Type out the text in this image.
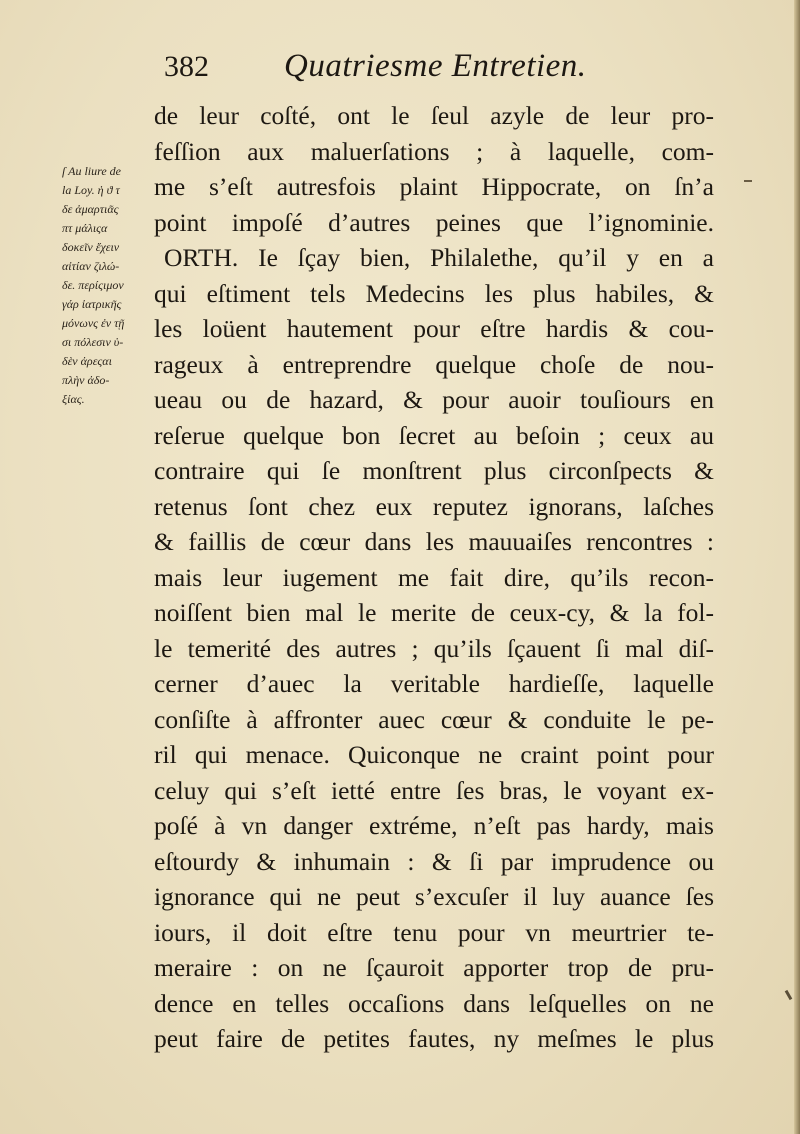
382 Quatriesme Entretien.
ſ Au liure de
la Loy. ἡ ϑ τ
δε ἁμαρτιᾶς
πτ μάλιςα
δοκεῖν ἔχειν
αἰτίαν ζιλώ-
δε. περίςιμον
γάρ ἰατρικῆς
μόνωνς ἐν τῇ
σι πόλεσιν ὑ-
δὲν ἀρεςαι
πλὴν ἀδο-
ξίας.
de leur coſté, ont le ſeul azyle de leur pro-
feſſion aux maluerſations ; à laquelle, com-
me s’eſt autresfois plaint Hippocrate, on ſn’a
point impoſé d’autres peines que l’ignominie.
ORTH. Ie ſçay bien, Philalethe, qu’il y en a
qui eſtiment tels Medecins les plus habiles, &
les loüent hautement pour eſtre hardis & cou-
rageux à entreprendre quelque choſe de nou-
ueau ou de hazard, & pour auoir touſiours en
reſerue quelque bon ſecret au beſoin ; ceux au
contraire qui ſe monſtrent plus circonſpects &
retenus ſont chez eux reputez ignorans, laſches
& faillis de cœur dans les mauuaiſes rencontres :
mais leur iugement me fait dire, qu’ils recon-
noiſſent bien mal le merite de ceux-cy, & la fol-
le temerité des autres ; qu’ils ſçauent ſi mal diſ-
cerner d’auec la veritable hardieſſe, laquelle
conſiſte à affronter auec cœur & conduite le pe-
ril qui menace. Quiconque ne craint point pour
celuy qui s’eſt ietté entre ſes bras, le voyant ex-
poſé à vn danger extréme, n’eſt pas hardy, mais
eſtourdy & inhumain : & ſi par imprudence ou
ignorance qui ne peut s’excuſer il luy auance ſes
iours, il doit eſtre tenu pour vn meurtrier te-
meraire : on ne ſçauroit apporter trop de pru-
dence en telles occaſions dans leſquelles on ne
peut faire de petites fautes, ny meſmes le plus
